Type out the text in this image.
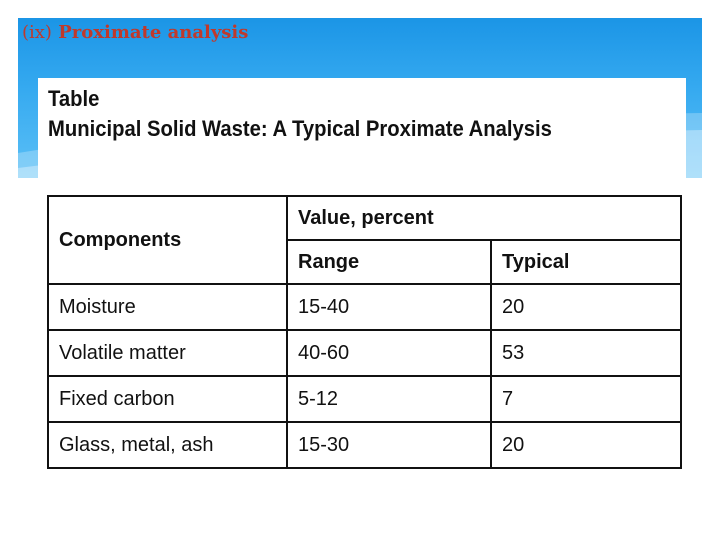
(ix) Proximate analysis
Table
Municipal Solid Waste: A Typical Proximate Analysis
Components	Value, percent	
	Range	Typical
Moisture	15-40	20
Volatile matter	40-60	53
Fixed carbon	5-12	7
Glass, metal, ash	15-30	20
